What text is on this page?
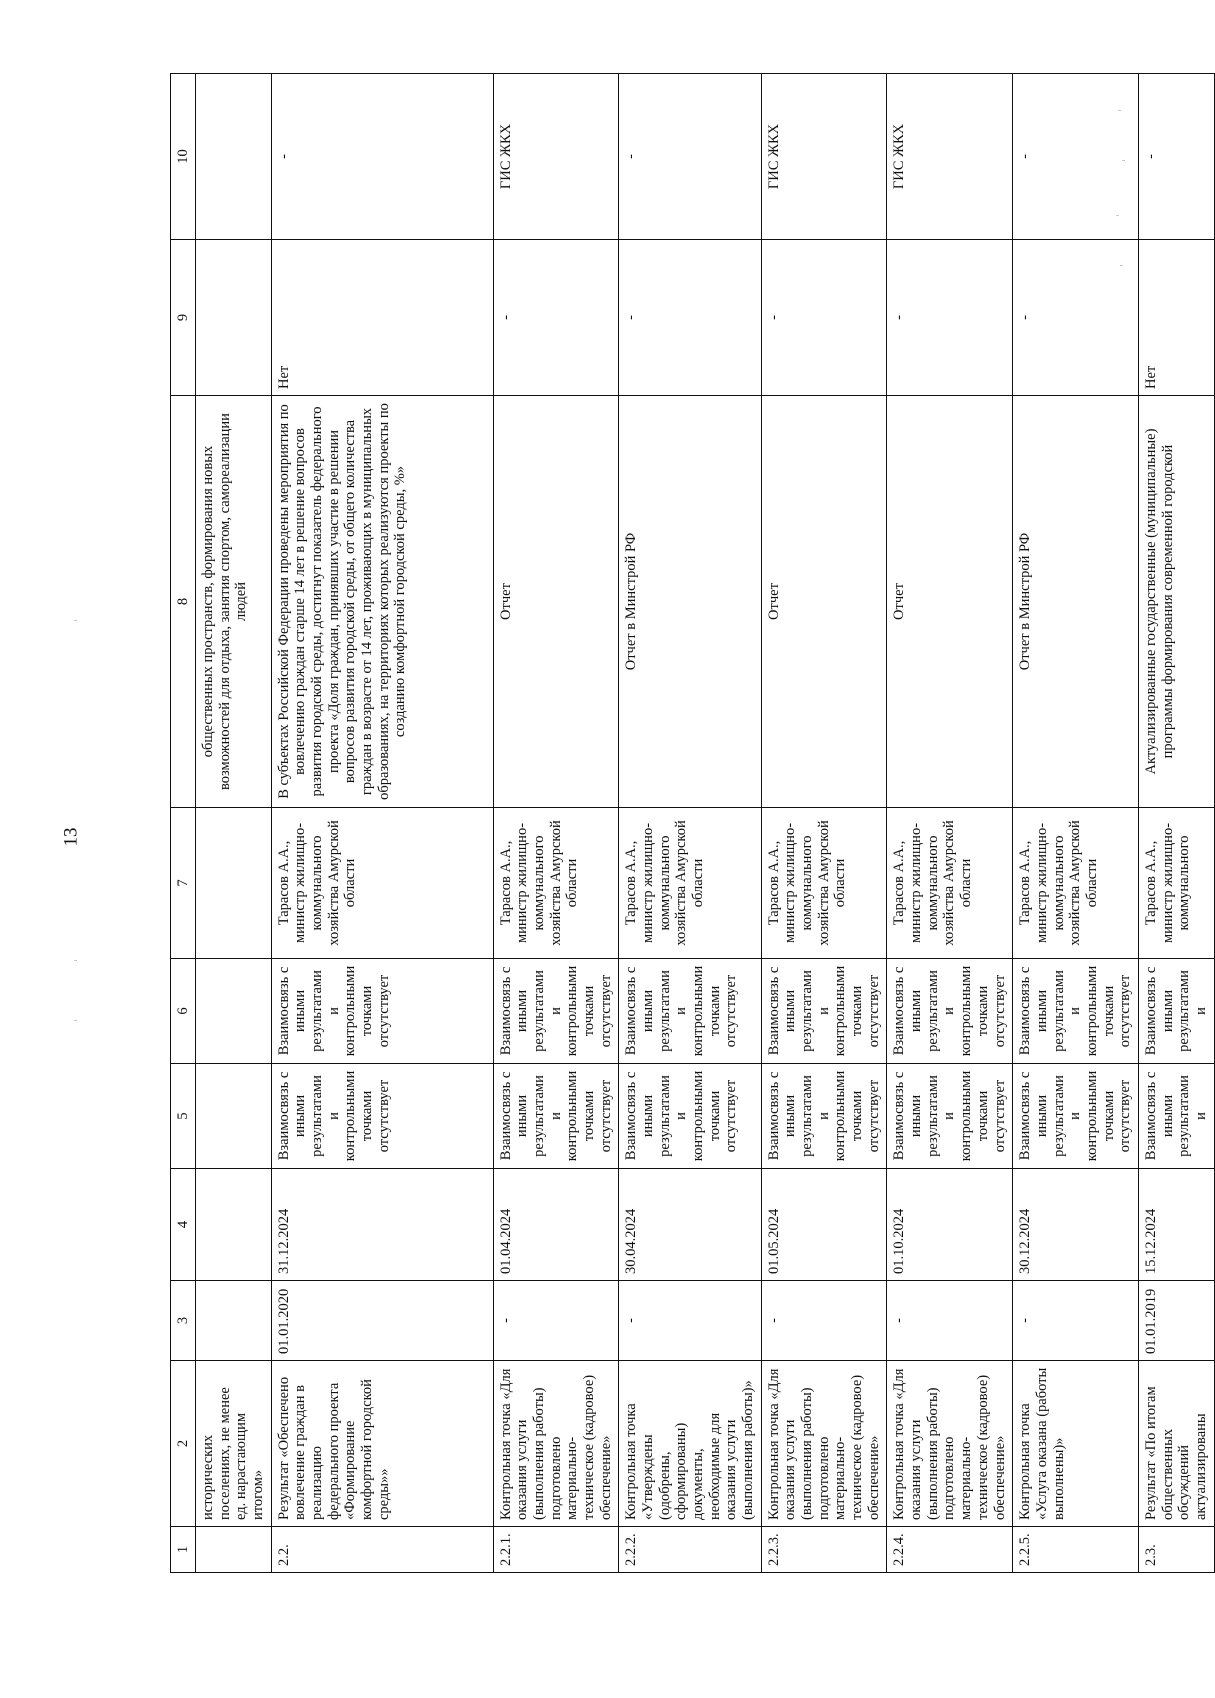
13
1	2	3	4	5	6	7	8	9	10
	исторических поселениях, не менее ед. нарастающим итогом»						общественных пространств, формирования новых возможностей для отдыха, занятия спортом, самореализации людей		
2.2.	Результат «Обеспечено вовлечение граждан в реализацию федерального проекта «Формирование комфортной городской среды»»	01.01.2020	31.12.2024	Взаимосвязь с иными результатами и контрольными точками отсутствует	Взаимосвязь с иными результатами и контрольными точками отсутствует	Тарасов А.А., министр жилищно-коммунального хозяйства Амурской области	В субъектах Российской Федерации проведены мероприятия по вовлечению граждан старше 14 лет в решение вопросов развития городской среды, достигнут показатель федерального проекта «Доля граждан, принявших участие в решении вопросов развития городской среды, от общего количества граждан в возрасте от 14 лет, проживающих в муниципальных образованиях, на территориях которых реализуются проекты по созданию комфортной городской среды, %»	Нет	-
2.2.1.	Контрольная точка «Для оказания услуги (выполнения работы) подготовлено материально-техническое (кадровое) обеспечение»	-	01.04.2024	Взаимосвязь с иными результатами и контрольными точками отсутствует	Взаимосвязь с иными результатами и контрольными точками отсутствует	Тарасов А.А., министр жилищно-коммунального хозяйства Амурской области	Отчет	-	ГИС ЖКХ
2.2.2.	Контрольная точка «Утверждены (одобрены, сформированы) документы, необходимые для оказания услуги (выполнения работы)»	-	30.04.2024	Взаимосвязь с иными результатами и контрольными точками отсутствует	Взаимосвязь с иными результатами и контрольными точками отсутствует	Тарасов А.А., министр жилищно-коммунального хозяйства Амурской области	Отчет в Минстрой РФ	-	-
2.2.3.	Контрольная точка «Для оказания услуги (выполнения работы) подготовлено материально-техническое (кадровое) обеспечение»	-	01.05.2024	Взаимосвязь с иными результатами и контрольными точками отсутствует	Взаимосвязь с иными результатами и контрольными точками отсутствует	Тарасов А.А., министр жилищно-коммунального хозяйства Амурской области	Отчет	-	ГИС ЖКХ
2.2.4.	Контрольная точка «Для оказания услуги (выполнения работы) подготовлено материально-техническое (кадровое) обеспечение»	-	01.10.2024	Взаимосвязь с иными результатами и контрольными точками отсутствует	Взаимосвязь с иными результатами и контрольными точками отсутствует	Тарасов А.А., министр жилищно-коммунального хозяйства Амурской области	Отчет	-	ГИС ЖКХ
2.2.5.	Контрольная точка «Услуга оказана (работы выполнены)»	-	30.12.2024	Взаимосвязь с иными результатами и контрольными точками отсутствует	Взаимосвязь с иными результатами и контрольными точками отсутствует	Тарасов А.А., министр жилищно-коммунального хозяйства Амурской области	Отчет в Минстрой РФ	-	-
2.3.	Результат «По итогам общественных обсуждений актуализированы	01.01.2019	15.12.2024	Взаимосвязь с иными результатами и	Взаимосвязь с иными результатами и	Тарасов А.А., министр жилищно-коммунального	Актуализированные государственные (муниципальные) программы формирования современной городской	Нет	-
